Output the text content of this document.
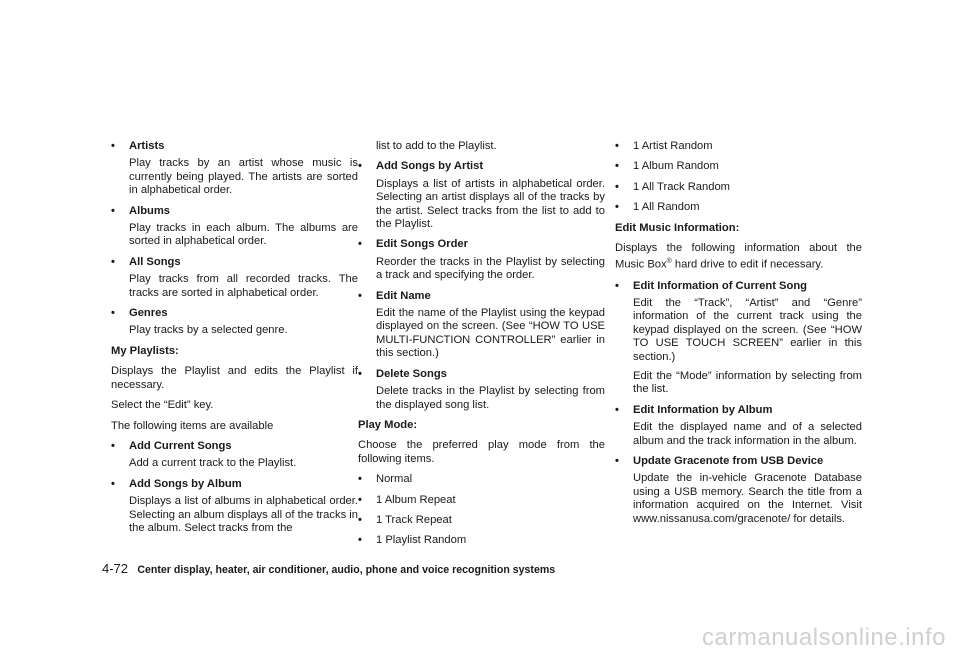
• Artists
Play tracks by an artist whose music is currently being played. The artists are sorted in alphabetical order.
• Albums
Play tracks in each album. The albums are sorted in alphabetical order.
• All Songs
Play tracks from all recorded tracks. The tracks are sorted in alphabetical order.
• Genres
Play tracks by a selected genre.
My Playlists:
Displays the Playlist and edits the Playlist if necessary.
Select the “Edit” key.
The following items are available
• Add Current Songs
Add a current track to the Playlist.
• Add Songs by Album
Displays a list of albums in alphabetical order. Selecting an album displays all of the tracks in the album. Select tracks from the
list to add to the Playlist.
• Add Songs by Artist
Displays a list of artists in alphabetical order. Selecting an artist displays all of the tracks by the artist. Select tracks from the list to add to the Playlist.
• Edit Songs Order
Reorder the tracks in the Playlist by selecting a track and specifying the order.
• Edit Name
Edit the name of the Playlist using the keypad displayed on the screen. (See “HOW TO USE MULTI-FUNCTION CONTROLLER” earlier in this section.)
• Delete Songs
Delete tracks in the Playlist by selecting from the displayed song list.
Play Mode:
Choose the preferred play mode from the following items.
• Normal
• 1 Album Repeat
• 1 Track Repeat
• 1 Playlist Random
• 1 Artist Random
• 1 Album Random
• 1 All Track Random
• 1 All Random
Edit Music Information:
Displays the following information about the Music Box® hard drive to edit if necessary.
• Edit Information of Current Song

Edit the “Track”, “Artist” and “Genre” information of the current track using the keypad displayed on the screen. (See “HOW TO USE TOUCH SCREEN” earlier in this section.)

Edit the “Mode” information by selecting from the list.

• Edit Information by Album
Edit the displayed name and of a selected album and the track information in the album.
• Update Gracenote from USB Device
Update the in-vehicle Gracenote Database using a USB memory. Search the title from a information acquired on the Internet. Visit www.nissanusa.com/gracenote/ for details.
4-72 Center display, heater, air conditioner, audio, phone and voice recognition systems
carmanualsonline.info
